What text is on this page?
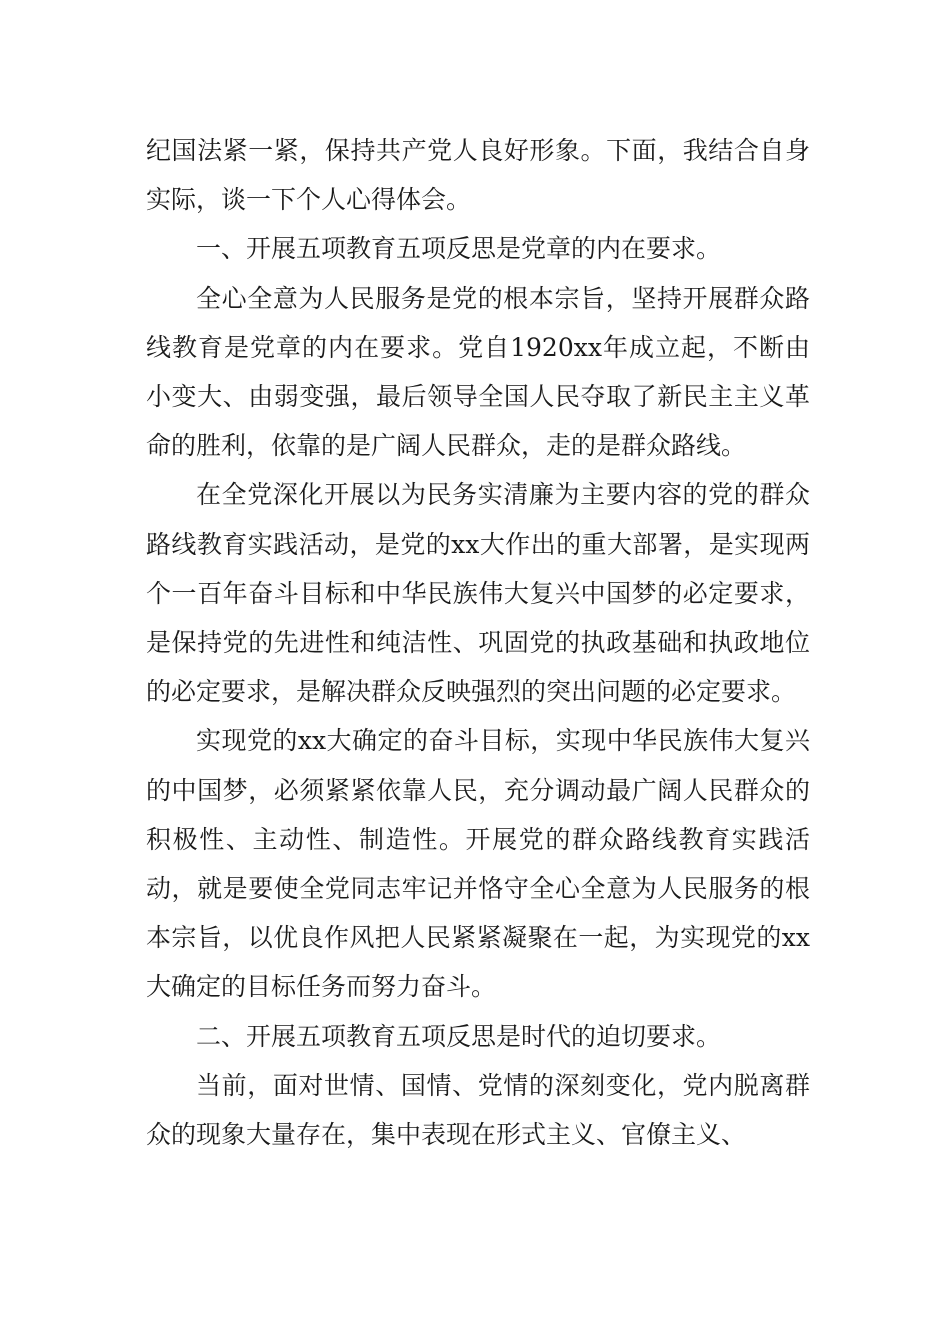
纪国法紧一紧，保持共产党人良好形象。下面，我结合自身实际，谈一下个人心得体会。

一、开展五项教育五项反思是党章的内在要求。

全心全意为人民服务是党的根本宗旨，坚持开展群众路线教育是党章的内在要求。党自1920xx年成立起，不断由小变大、由弱变强，最后领导全国人民夺取了新民主主义革命的胜利，依靠的是广阔人民群众，走的是群众路线。

在全党深化开展以为民务实清廉为主要内容的党的群众路线教育实践活动，是党的xx大作出的重大部署，是实现两个一百年奋斗目标和中华民族伟大复兴中国梦的必定要求，是保持党的先进性和纯洁性、巩固党的执政基础和执政地位的必定要求，是解决群众反映强烈的突出问题的必定要求。

实现党的xx大确定的奋斗目标，实现中华民族伟大复兴的中国梦，必须紧紧依靠人民，充分调动最广阔人民群众的积极性、主动性、制造性。开展党的群众路线教育实践活动，就是要使全党同志牢记并恪守全心全意为人民服务的根本宗旨，以优良作风把人民紧紧凝聚在一起，为实现党的xx大确定的目标任务而努力奋斗。

二、开展五项教育五项反思是时代的迫切要求。

当前，面对世情、国情、党情的深刻变化，党内脱离群众的现象大量存在，集中表现在形式主义、官僚主义、
